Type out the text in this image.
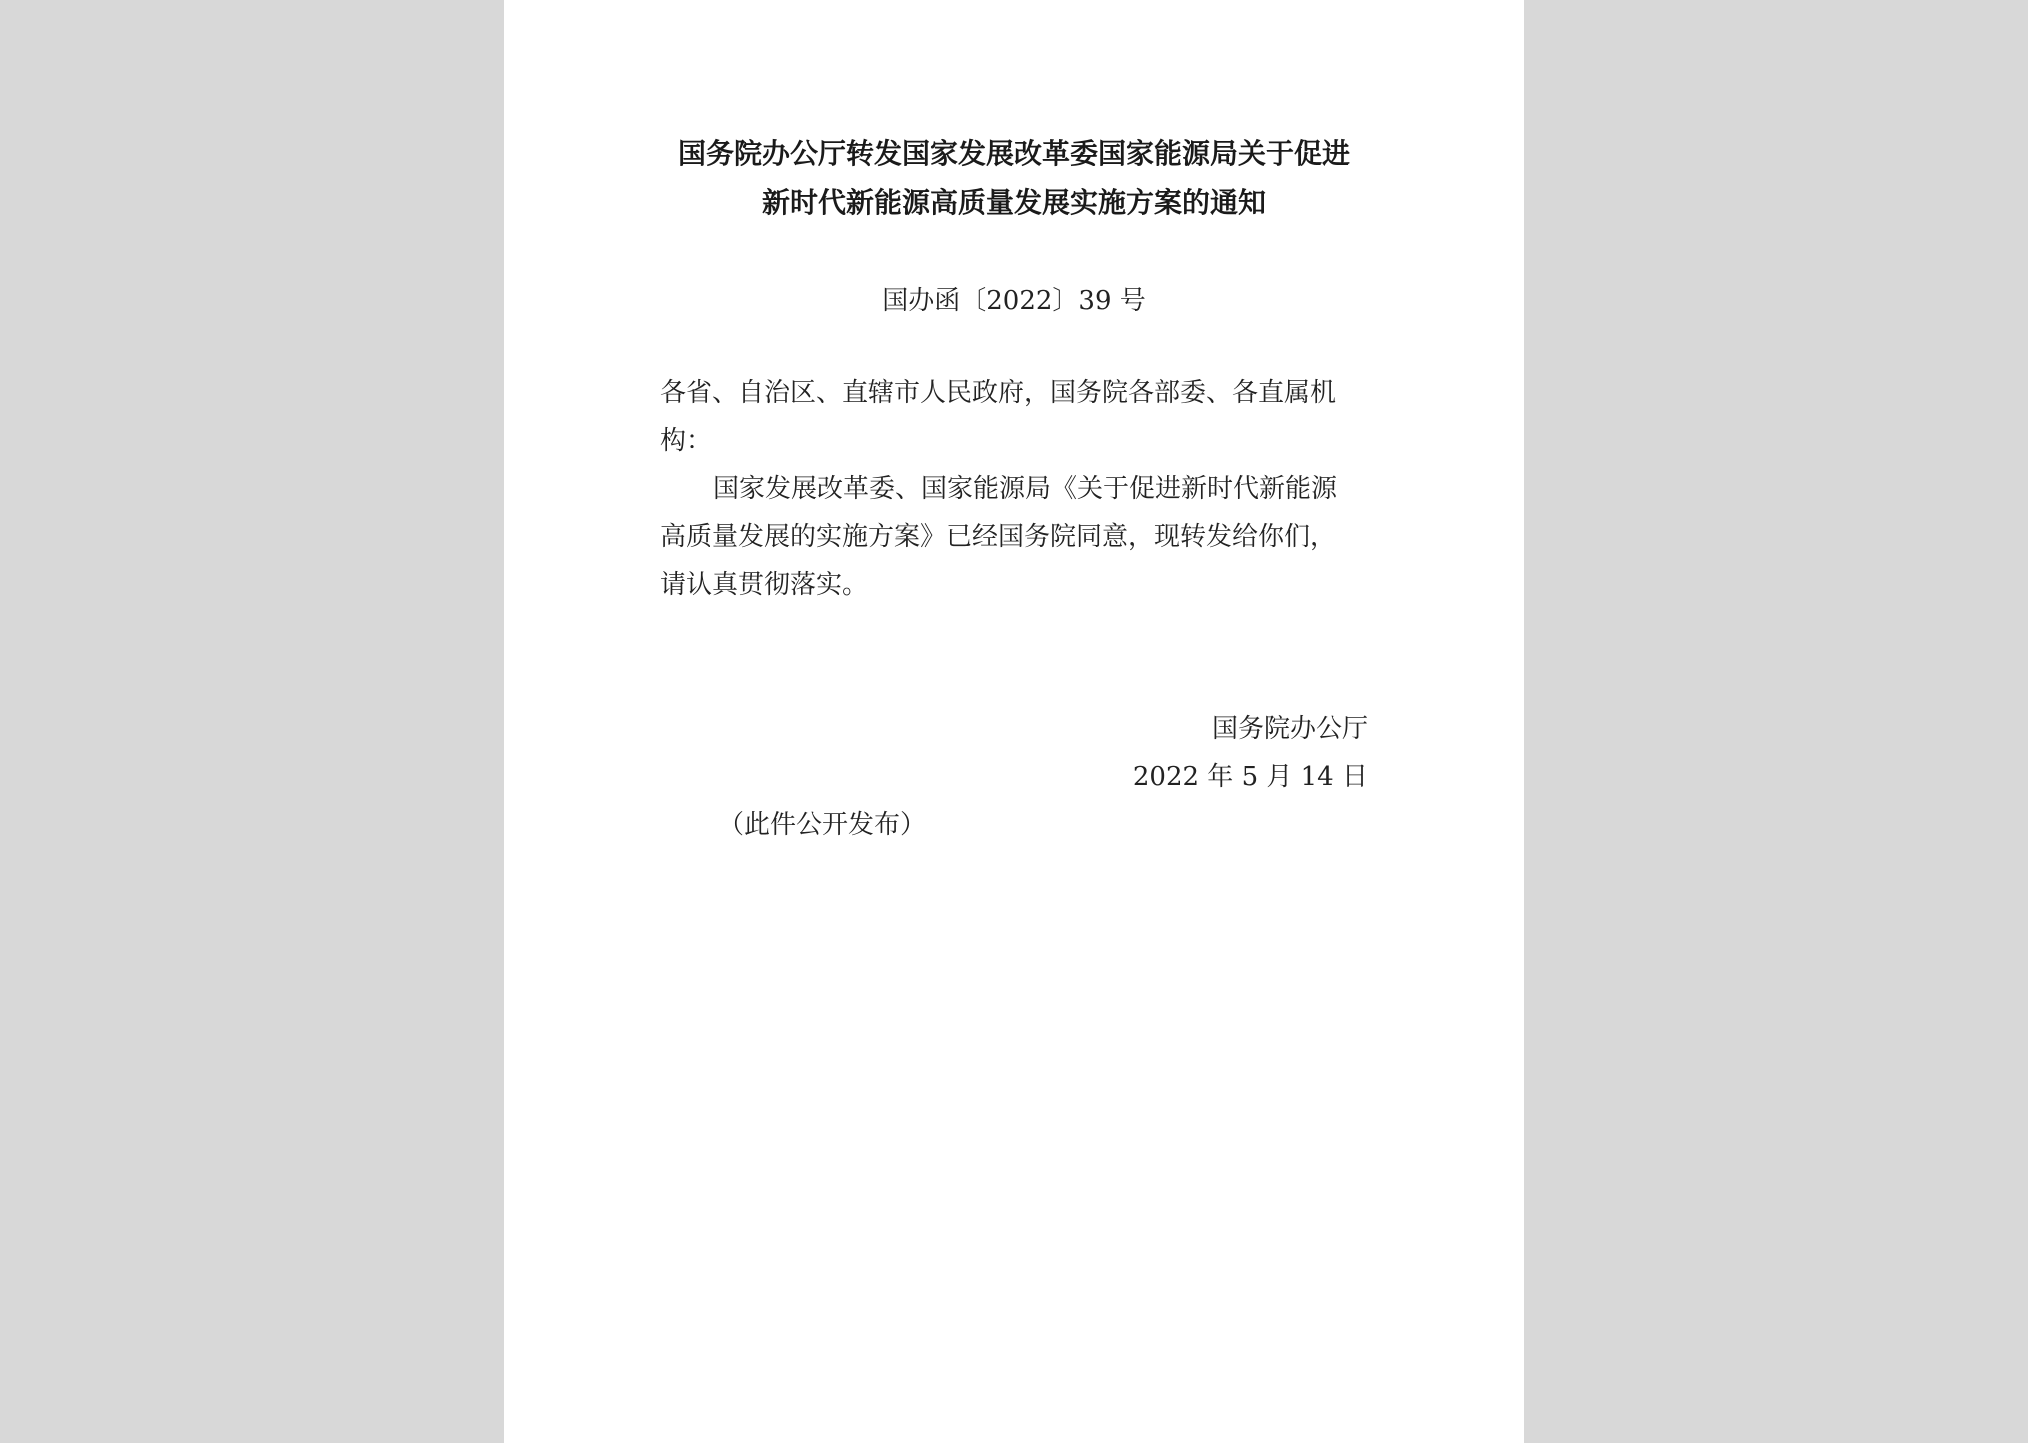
国务院办公厅转发国家发展改革委国家能源局关于促进
新时代新能源高质量发展实施方案的通知
国办函〔2022〕39 号
各省、自治区、直辖市人民政府，国务院各部委、各直属机
构：
国家发展改革委、国家能源局《关于促进新时代新能源
高质量发展的实施方案》已经国务院同意，现转发给你们，
请认真贯彻落实。
国务院办公厅
2022 年 5 月 14 日
（此件公开发布）
